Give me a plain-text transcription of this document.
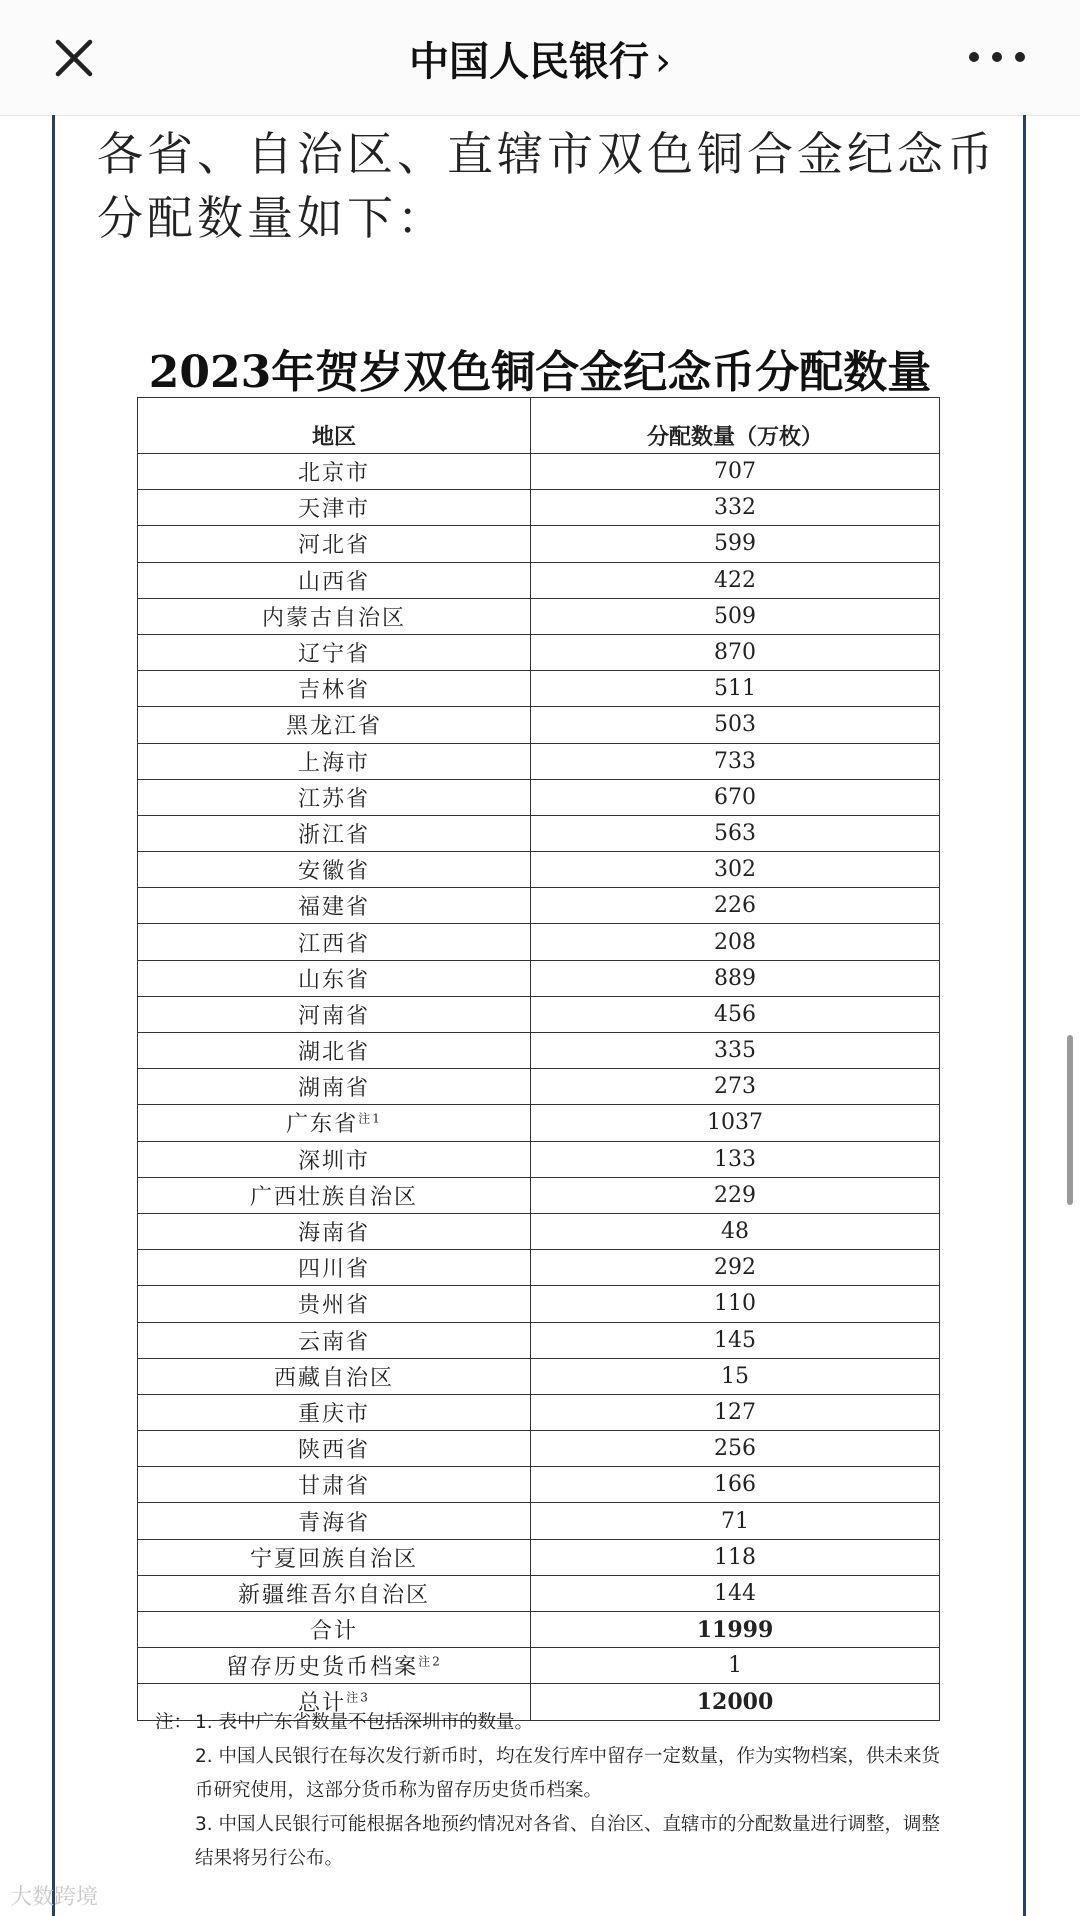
中国人民银行 ›
各省、自治区、直辖市双色铜合金纪念币
分配数量如下：
2023年贺岁双色铜合金纪念币分配数量
地区	分配数量（万枚）
北京市	707
天津市	332
河北省	599
山西省	422
内蒙古自治区	509
辽宁省	870
吉林省	511
黑龙江省	503
上海市	733
江苏省	670
浙江省	563
安徽省	302
福建省	226
江西省	208
山东省	889
河南省	456
湖北省	335
湖南省	273
广东省$^{注1}$	1037
深圳市	133
广西壮族自治区	229
海南省	48
四川省	292
贵州省	110
云南省	145
西藏自治区	15
重庆市	127
陕西省	256
甘肃省	166
青海省	71
宁夏回族自治区	118
新疆维吾尔自治区	144
合计	11999
留存历史货币档案$^{注2}$	1
总计$^{注3}$	12000
注： 1. 表中广东省数量不包括深圳市的数量。
2. 中国人民银行在每次发行新币时，均在发行库中留存一定数量，作为实物档案，供未来货币研究使用，这部分货币称为留存历史货币档案。
3. 中国人民银行可能根据各地预约情况对各省、自治区、直辖市的分配数量进行调整，调整结果将另行公布。
大数跨境
